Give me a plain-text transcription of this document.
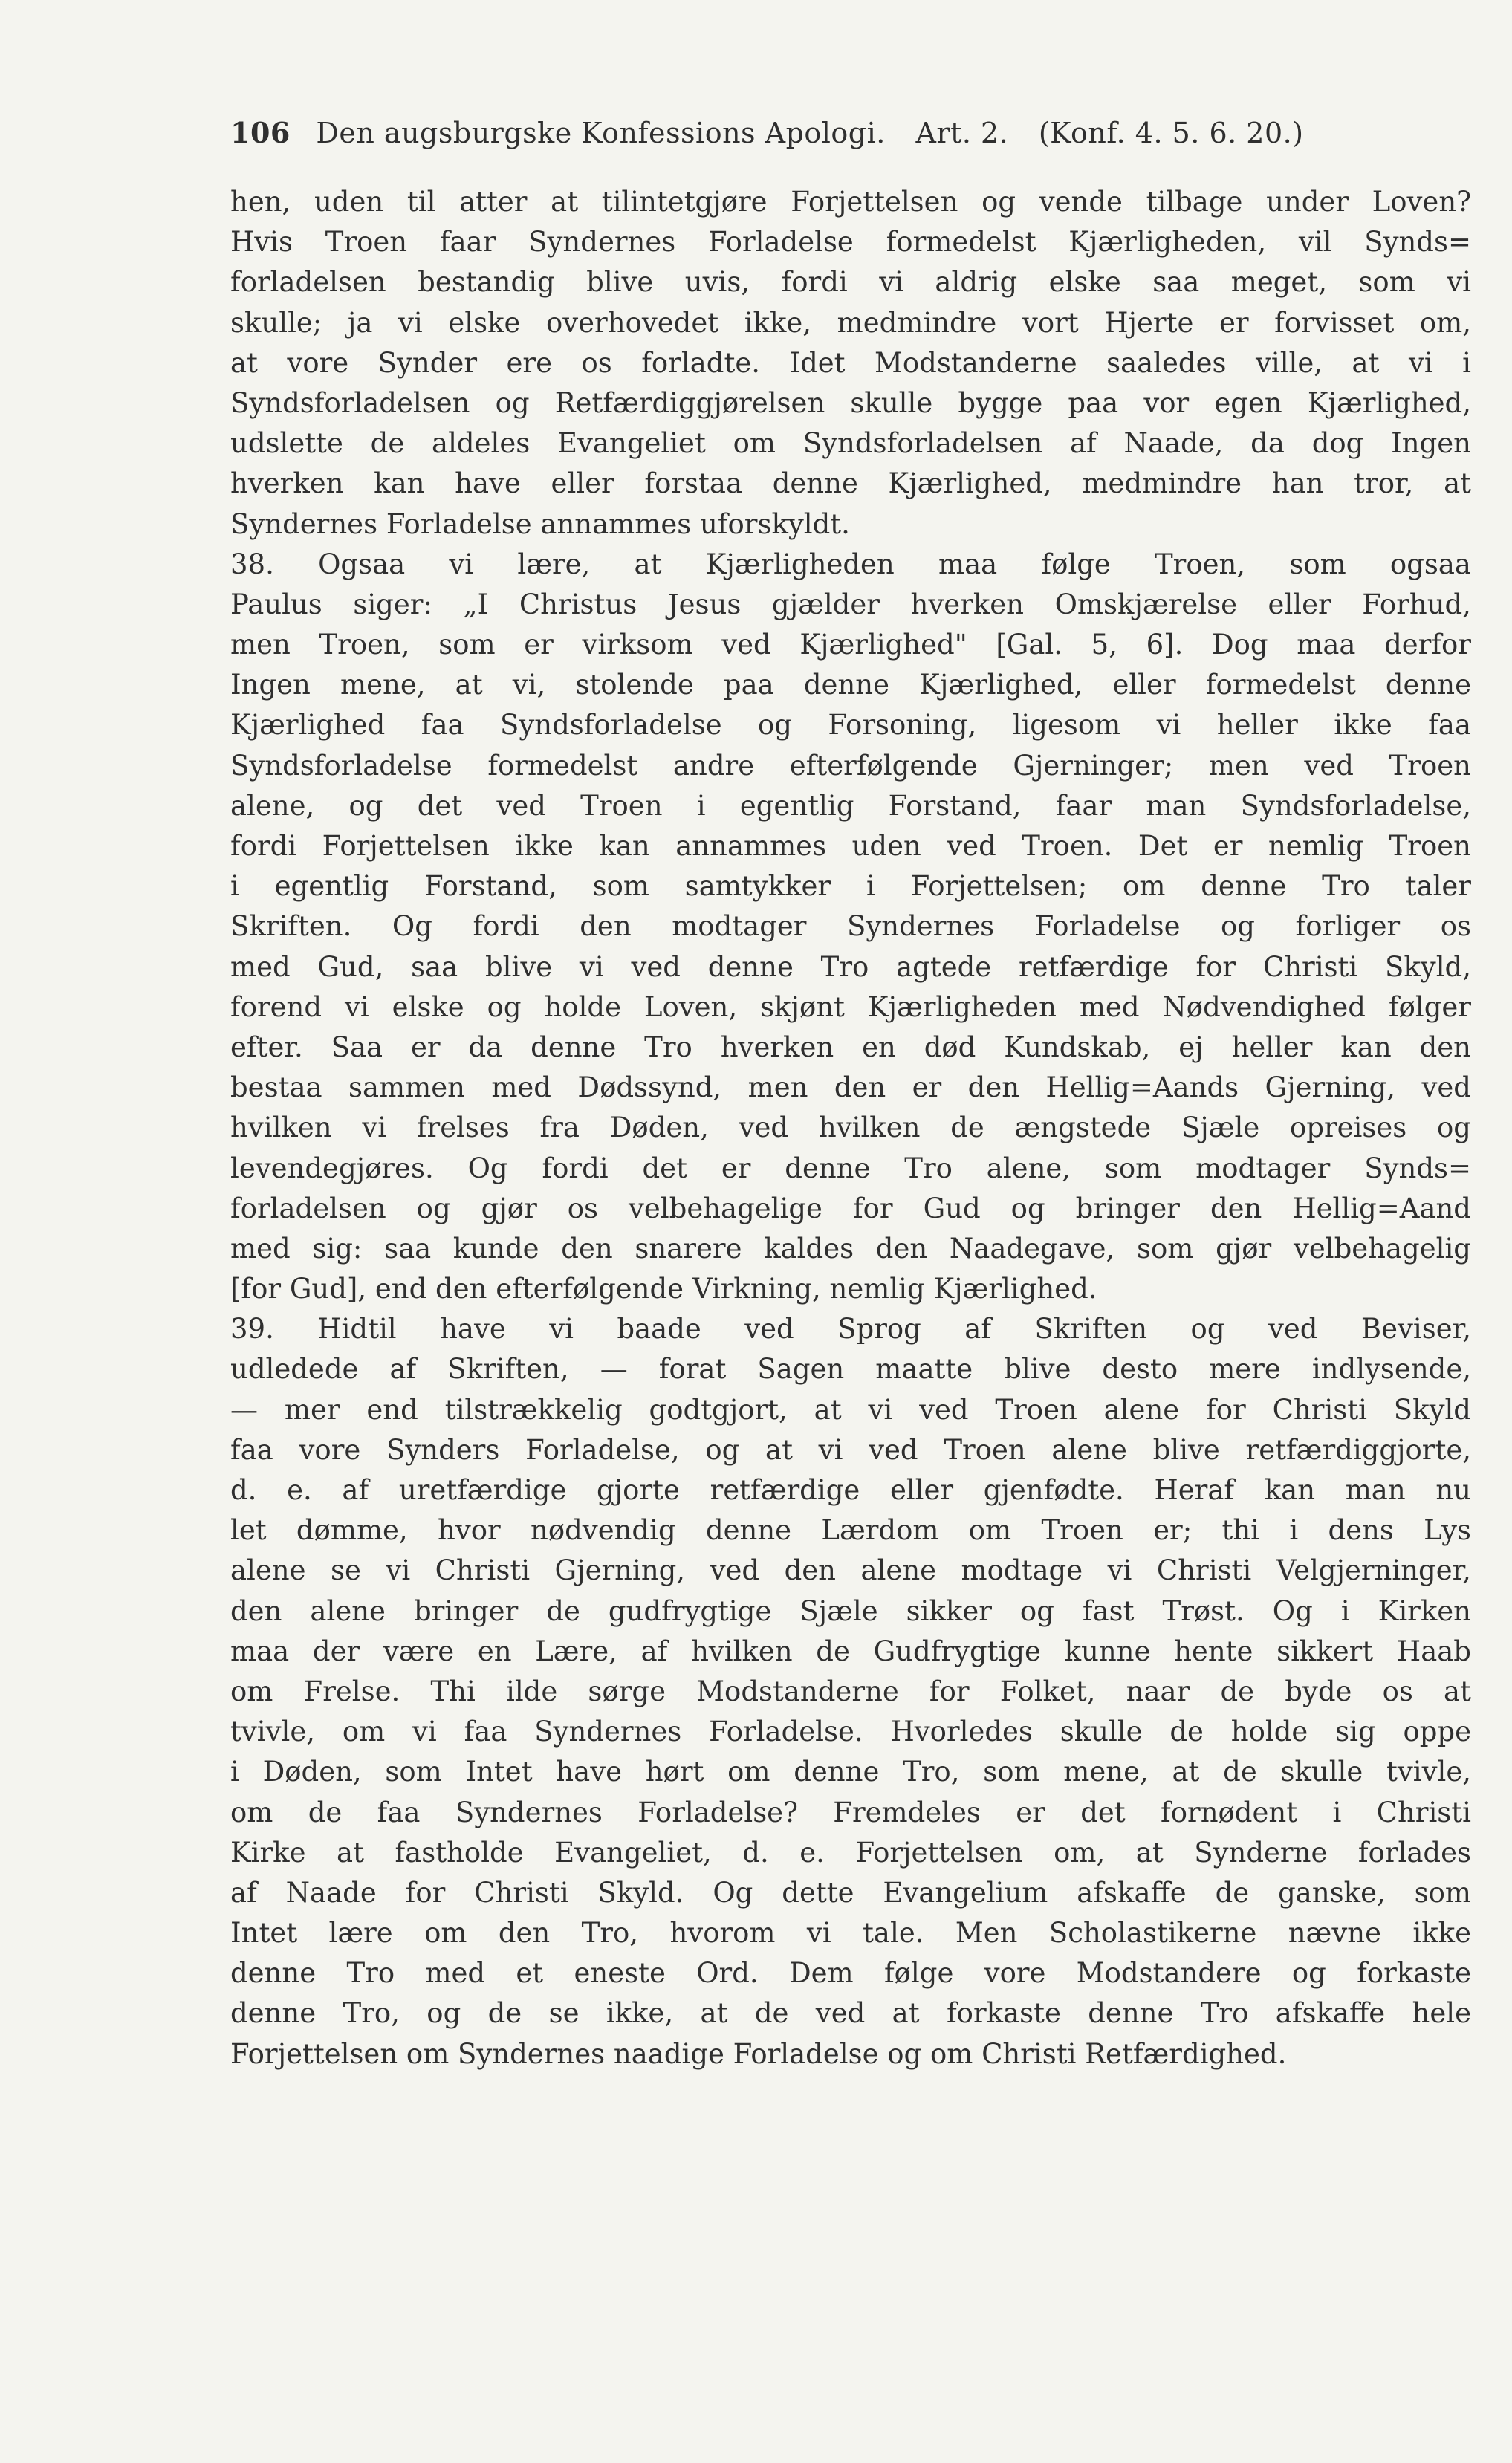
106 Den augsburgske Konfessions Apologi. Art. 2. (Konf. 4. 5. 6. 20.)
hen, uden til atter at tilintetgjøre Forjettelsen og vende tilbage under Loven?
Hvis Troen faar Syndernes Forladelse formedelst Kjærligheden, vil Synds=
forladelsen bestandig blive uvis, fordi vi aldrig elske saa meget, som vi
skulle; ja vi elske overhovedet ikke, medmindre vort Hjerte er forvisset om,
at vore Synder ere os forladte. Idet Modstanderne saaledes ville, at vi i
Syndsforladelsen og Retfærdiggjørelsen skulle bygge paa vor egen Kjærlighed,
udslette de aldeles Evangeliet om Syndsforladelsen af Naade, da dog Ingen
hverken kan have eller forstaa denne Kjærlighed, medmindre han tror, at
Syndernes Forladelse annammes uforskyldt.
38. Ogsaa vi lære, at Kjærligheden maa følge Troen, som ogsaa
Paulus siger: „I Christus Jesus gjælder hverken Omskjærelse eller Forhud,
men Troen, som er virksom ved Kjærlighed" [Gal. 5, 6]. Dog maa derfor
Ingen mene, at vi, stolende paa denne Kjærlighed, eller formedelst denne
Kjærlighed faa Syndsforladelse og Forsoning, ligesom vi heller ikke faa
Syndsforladelse formedelst andre efterfølgende Gjerninger; men ved Troen
alene, og det ved Troen i egentlig Forstand, faar man Syndsforladelse,
fordi Forjettelsen ikke kan annammes uden ved Troen. Det er nemlig Troen
i egentlig Forstand, som samtykker i Forjettelsen; om denne Tro taler
Skriften. Og fordi den modtager Syndernes Forladelse og forliger os
med Gud, saa blive vi ved denne Tro agtede retfærdige for Christi Skyld,
forend vi elske og holde Loven, skjønt Kjærligheden med Nødvendighed følger
efter. Saa er da denne Tro hverken en død Kundskab, ej heller kan den
bestaa sammen med Dødssynd, men den er den Hellig=Aands Gjerning, ved
hvilken vi frelses fra Døden, ved hvilken de ængstede Sjæle opreises og
levendegjøres. Og fordi det er denne Tro alene, som modtager Synds=
forladelsen og gjør os velbehagelige for Gud og bringer den Hellig=Aand
med sig: saa kunde den snarere kaldes den Naadegave, som gjør velbehagelig
[for Gud], end den efterfølgende Virkning, nemlig Kjærlighed.
39. Hidtil have vi baade ved Sprog af Skriften og ved Beviser,
udledede af Skriften, — forat Sagen maatte blive desto mere indlysende,
— mer end tilstrækkelig godtgjort, at vi ved Troen alene for Christi Skyld
faa vore Synders Forladelse, og at vi ved Troen alene blive retfærdiggjorte,
d. e. af uretfærdige gjorte retfærdige eller gjenfødte. Heraf kan man nu
let dømme, hvor nødvendig denne Lærdom om Troen er; thi i dens Lys
alene se vi Christi Gjerning, ved den alene modtage vi Christi Velgjerninger,
den alene bringer de gudfrygtige Sjæle sikker og fast Trøst. Og i Kirken
maa der være en Lære, af hvilken de Gudfrygtige kunne hente sikkert Haab
om Frelse. Thi ilde sørge Modstanderne for Folket, naar de byde os at
tvivle, om vi faa Syndernes Forladelse. Hvorledes skulle de holde sig oppe
i Døden, som Intet have hørt om denne Tro, som mene, at de skulle tvivle,
om de faa Syndernes Forladelse? Fremdeles er det fornødent i Christi
Kirke at fastholde Evangeliet, d. e. Forjettelsen om, at Synderne forlades
af Naade for Christi Skyld. Og dette Evangelium afskaffe de ganske, som
Intet lære om den Tro, hvorom vi tale. Men Scholastikerne nævne ikke
denne Tro med et eneste Ord. Dem følge vore Modstandere og forkaste
denne Tro, og de se ikke, at de ved at forkaste denne Tro afskaffe hele
Forjettelsen om Syndernes naadige Forladelse og om Christi Retfærdighed.
